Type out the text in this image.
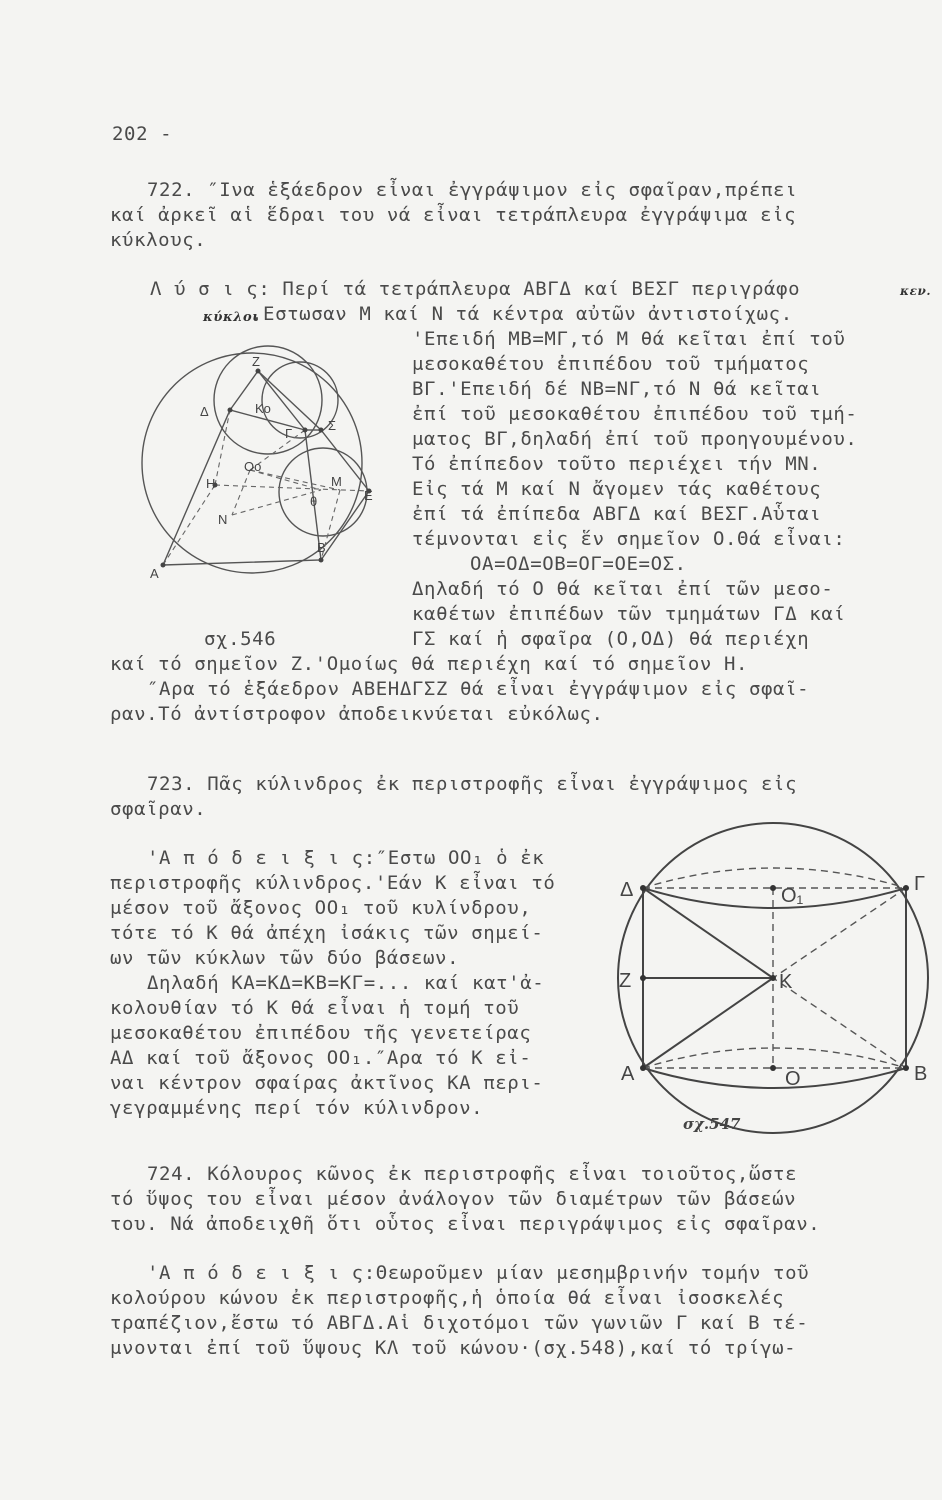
202 -
722. ″Ινα ἑξάεδρον εἶναι ἐγγράψιμον εἰς σφαῖραν,πρέπει
καί ἀρκεῖ αἱ ἕδραι του νά εἶναι τετράπλευρα ἐγγράψιμα εἰς
κύκλους.
Λ ύ σ ι ς: Περί τά τετράπλευρα ΑΒΓΔ καί ΒΕΣΓ περιγράφο	κεν.
κύκλοι
.Εστωσαν Μ καί Ν τά κέντρα αὐτῶν ἀντιστοίχως.
'Επειδή ΜΒ=ΜΓ,τό Μ θά κεῖται ἐπί τοῦ
μεσοκαθέτου ἐπιπέδου τοῦ τμήματος
ΒΓ.'Επειδή δέ ΝΒ=ΝΓ,τό Ν θά κεῖται
ἐπί τοῦ μεσοκαθέτου ἐπιπέδου τοῦ τμή-
ματος ΒΓ,δηλαδή ἐπί τοῦ προηγουμένου.
Τό ἐπίπεδον τοῦτο περιέχει τήν ΜΝ.
Εἰς τά Μ καί Ν ἄγομεν τάς καθέτους
ἐπί τά ἐπίπεδα ΑΒΓΔ καί ΒΕΣΓ.Αὗται
τέμνονται εἰς ἕν σημεῖον Ο.Θά εἶναι:
ΟΑ=ΟΔ=ΟΒ=ΟΓ=ΟΕ=ΟΣ.
Δηλαδή τό Ο θά κεῖται ἐπί τῶν μεσο-
καθέτων ἐπιπέδων τῶν τμημάτων ΓΔ καί
σχ.546	ΓΣ καί ἡ σφαῖρα (Ο,ΟΔ) θά περιέχη
καί τό σημεῖον Ζ.'Ομοίως θά περιέχη καί τό σημεῖον Η.
″Αρα τό ἑξάεδρον ΑΒΕΗΔΓΣΖ θά εἶναι ἐγγράψιμον εἰς σφαῖ-
ραν.Τό ἀντίστροφον ἀποδεικνύεται εὐκόλως.
Z
Ko
Δ
Γ
Σ
Oo
H	M
E
θ
N
B
A
723. Πᾶς κύλινδρος ἐκ περιστροφῆς εἶναι ἐγγράψιμος εἰς
σφαῖραν.
'Α π ό δ ε ι ξ ι ς:″Εστω ΟΟ₁ ὁ ἐκ
περιστροφῆς κύλινδρος.'Εάν Κ εἶναι τό
μέσον τοῦ ἄξονος ΟΟ₁ τοῦ κυλίνδρου,
τότε τό Κ θά ἀπέχη ἰσάκις τῶν σημεί-
ων τῶν κύκλων τῶν δύο βάσεων.
Δηλαδή ΚΑ=ΚΔ=ΚΒ=ΚΓ=... καί κατ'ἀ-
κολουθίαν τό Κ θά εἶναι ἡ τομή τοῦ
μεσοκαθέτου ἐπιπέδου τῆς γενετείρας
ΑΔ καί τοῦ ἄξονος ΟΟ₁.″Αρα τό Κ εἰ-
ναι κέντρον σφαίρας ἀκτῖνος ΚΑ περι-
γεγραμμένης περί τόν κύλινδρον.
Δ	O₁
Γ
Z	K
A	O	B
σχ.547
724. Κόλουρος κῶνος ἐκ περιστροφῆς εἶναι τοιοῦτος,ὥστε
τό ὕψος του εἶναι μέσον ἀνάλογον τῶν διαμέτρων τῶν βάσεών
του. Νά ἀποδειχθῆ ὅτι οὗτος εἶναι περιγράψιμος εἰς σφαῖραν.
'Α π ό δ ε ι ξ ι ς:Θεωροῦμεν μίαν μεσημβρινήν τομήν τοῦ
κολούρου κώνου ἐκ περιστροφῆς,ἡ ὁποία θά εἶναι ἰσοσκελές
τραπέζιον,ἔστω τό ΑΒΓΔ.Αἱ διχοτόμοι τῶν γωνιῶν Γ καί Β τέ-
μνονται ἐπί τοῦ ὕψους ΚΛ τοῦ κώνου·(σχ.548),καί τό τρίγω-
